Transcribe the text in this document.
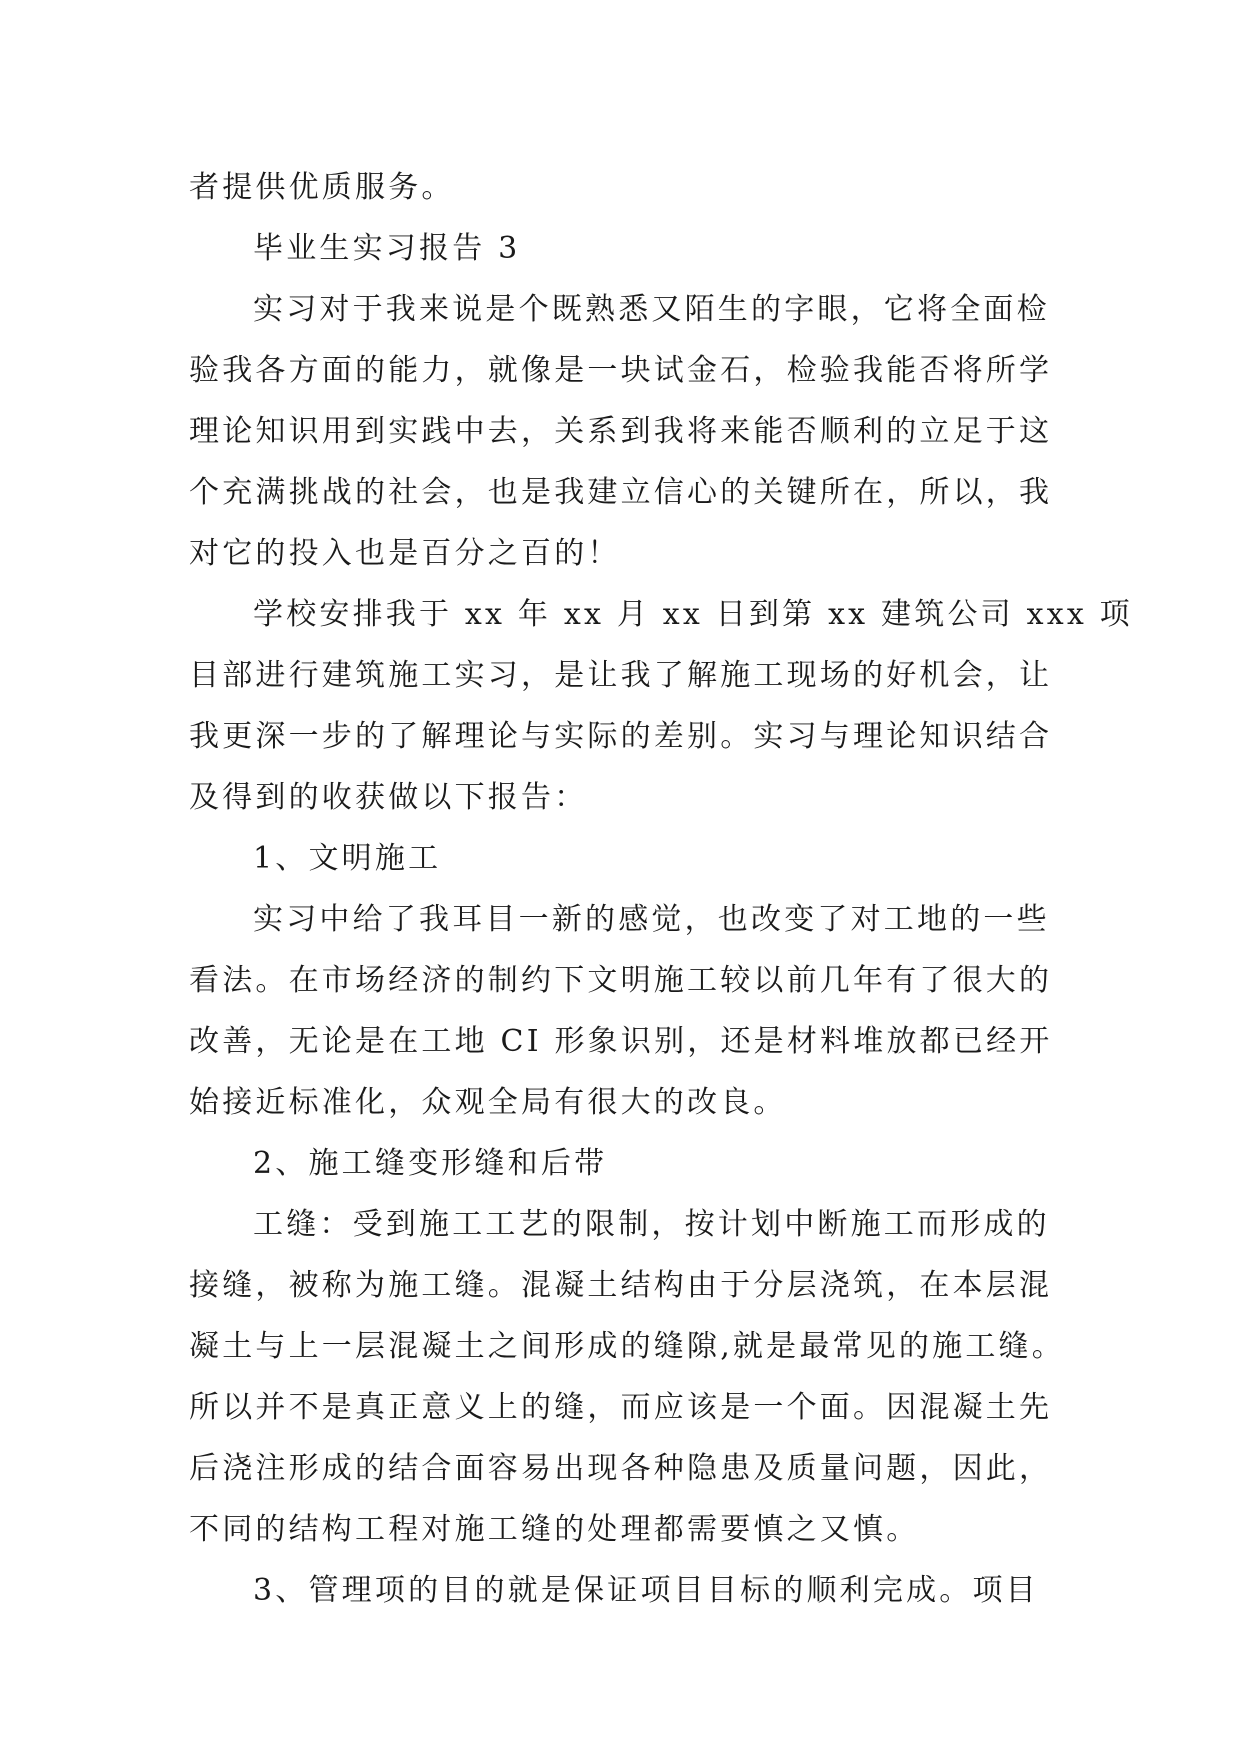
者提供优质服务。
毕业生实习报告 3
实习对于我来说是个既熟悉又陌生的字眼，它将全面检
验我各方面的能力，就像是一块试金石，检验我能否将所学
理论知识用到实践中去，关系到我将来能否顺利的立足于这
个充满挑战的社会，也是我建立信心的关键所在，所以，我
对它的投入也是百分之百的！
学校安排我于 xx 年 xx 月 xx 日到第 xx 建筑公司 xxx 项
目部进行建筑施工实习，是让我了解施工现场的好机会，让
我更深一步的了解理论与实际的差别。实习与理论知识结合
及得到的收获做以下报告：
1、文明施工
实习中给了我耳目一新的感觉，也改变了对工地的一些
看法。在市场经济的制约下文明施工较以前几年有了很大的
改善，无论是在工地 CI 形象识别，还是材料堆放都已经开
始接近标准化，众观全局有很大的改良。
2、施工缝变形缝和后带
工缝：受到施工工艺的限制，按计划中断施工而形成的
接缝，被称为施工缝。混凝土结构由于分层浇筑，在本层混
凝土与上一层混凝土之间形成的缝隙,就是最常见的施工缝。
所以并不是真正意义上的缝，而应该是一个面。因混凝土先
后浇注形成的结合面容易出现各种隐患及质量问题，因此，
不同的结构工程对施工缝的处理都需要慎之又慎。
3、管理项的目的就是保证项目目标的顺利完成。项目
